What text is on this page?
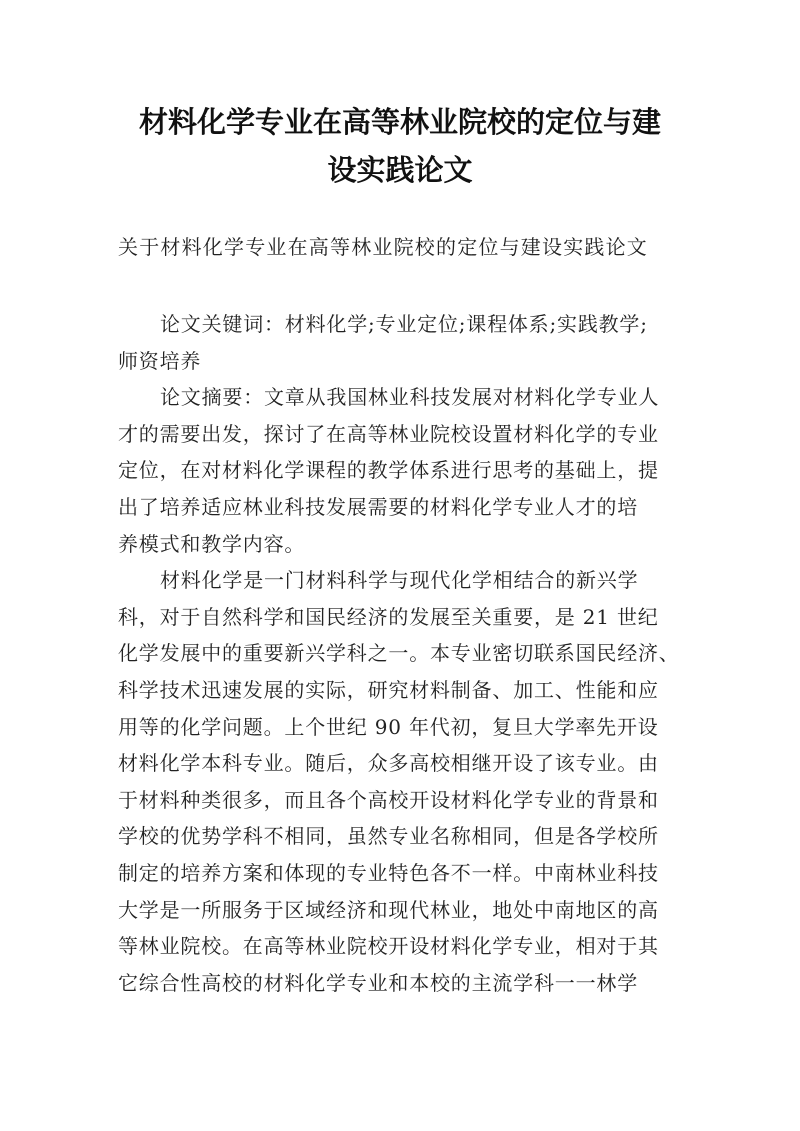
材料化学专业在高等林业院校的定位与建
设实践论文

关于材料化学专业在高等林业院校的定位与建设实践论文

论文关键词：材料化学;专业定位;课程体系;实践教学;
师资培养

论文摘要：文章从我国林业科技发展对材料化学专业人
才的需要出发，探讨了在高等林业院校设置材料化学的专业
定位，在对材料化学课程的教学体系进行思考的基础上，提
出了培养适应林业科技发展需要的材料化学专业人才的培
养模式和教学内容。

材料化学是一门材料科学与现代化学相结合的新兴学
科，对于自然科学和国民经济的发展至关重要，是 21 世纪
化学发展中的重要新兴学科之一。本专业密切联系国民经济、
科学技术迅速发展的实际，研究材料制备、加工、性能和应
用等的化学问题。上个世纪 90 年代初，复旦大学率先开设
材料化学本科专业。随后，众多高校相继开设了该专业。由
于材料种类很多，而且各个高校开设材料化学专业的背景和
学校的优势学科不相同，虽然专业名称相同，但是各学校所
制定的培养方案和体现的专业特色各不一样。中南林业科技
大学是一所服务于区域经济和现代林业，地处中南地区的高
等林业院校。在高等林业院校开设材料化学专业，相对于其
它综合性高校的材料化学专业和本校的主流学科一一林学
